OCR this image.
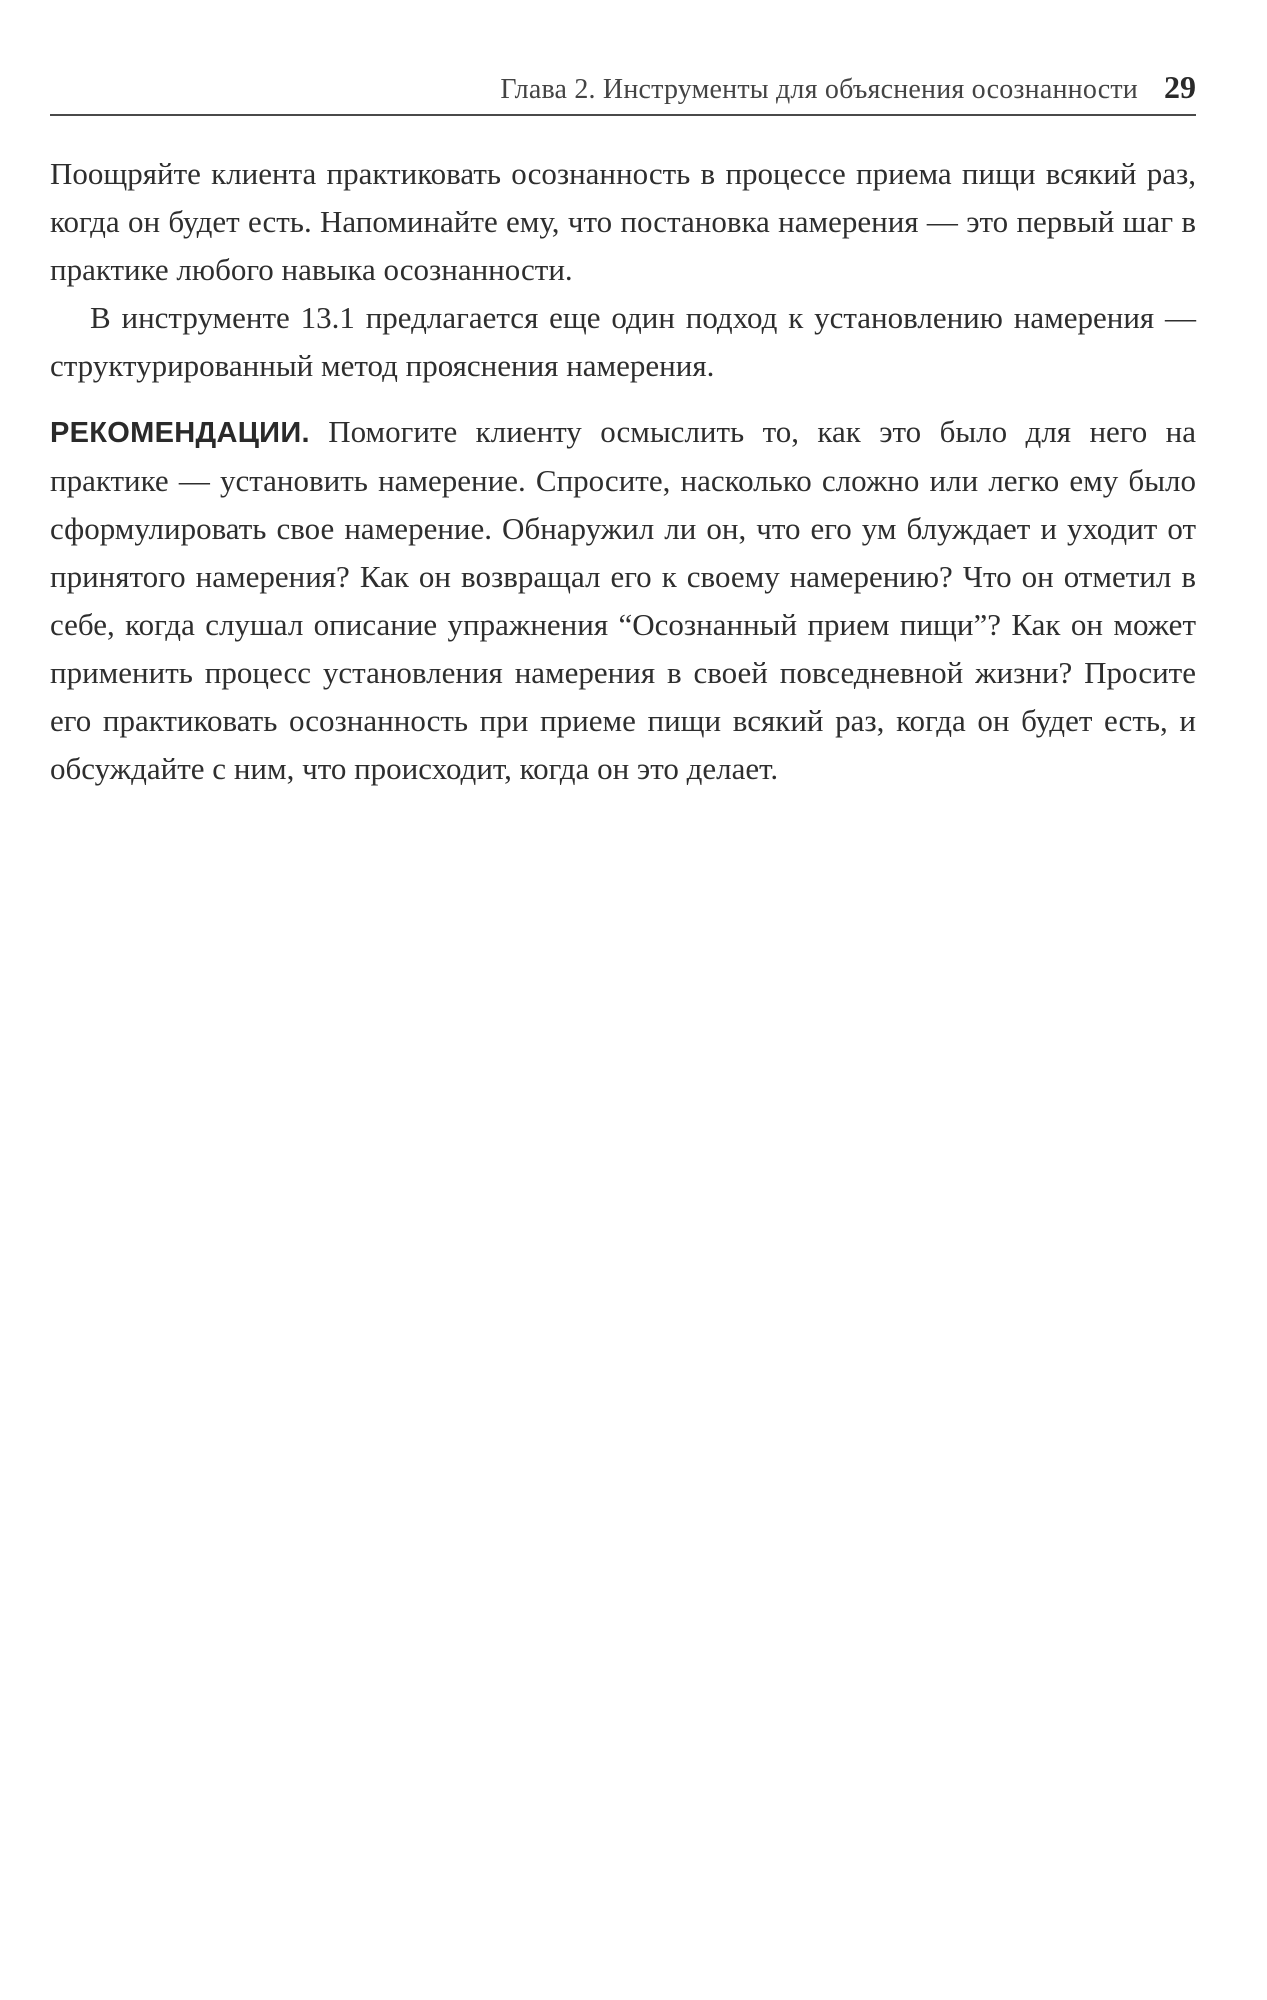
Глава 2. Инструменты для объяснения осознанности 29

Поощряйте клиента практиковать осознанность в процессе приема пищи всякий раз, когда он будет есть. Напоминайте ему, что постановка намерения — это первый шаг в практике любого навыка осознанности.

В инструменте 13.1 предлагается еще один подход к установлению намерения — структурированный метод прояснения намерения.

РЕКОМЕНДАЦИИ. Помогите клиенту осмыслить то, как это было для него на практике — установить намерение. Спросите, насколько сложно или легко ему было сформулировать свое намерение. Обнаружил ли он, что его ум блуждает и уходит от принятого намерения? Как он возвращал его к своему намерению? Что он отметил в себе, когда слушал описание упражнения “Осознанный прием пищи”? Как он может применить процесс установления намерения в своей повседневной жизни? Просите его практиковать осознанность при приеме пищи всякий раз, когда он будет есть, и обсуждайте с ним, что происходит, когда он это делает.
